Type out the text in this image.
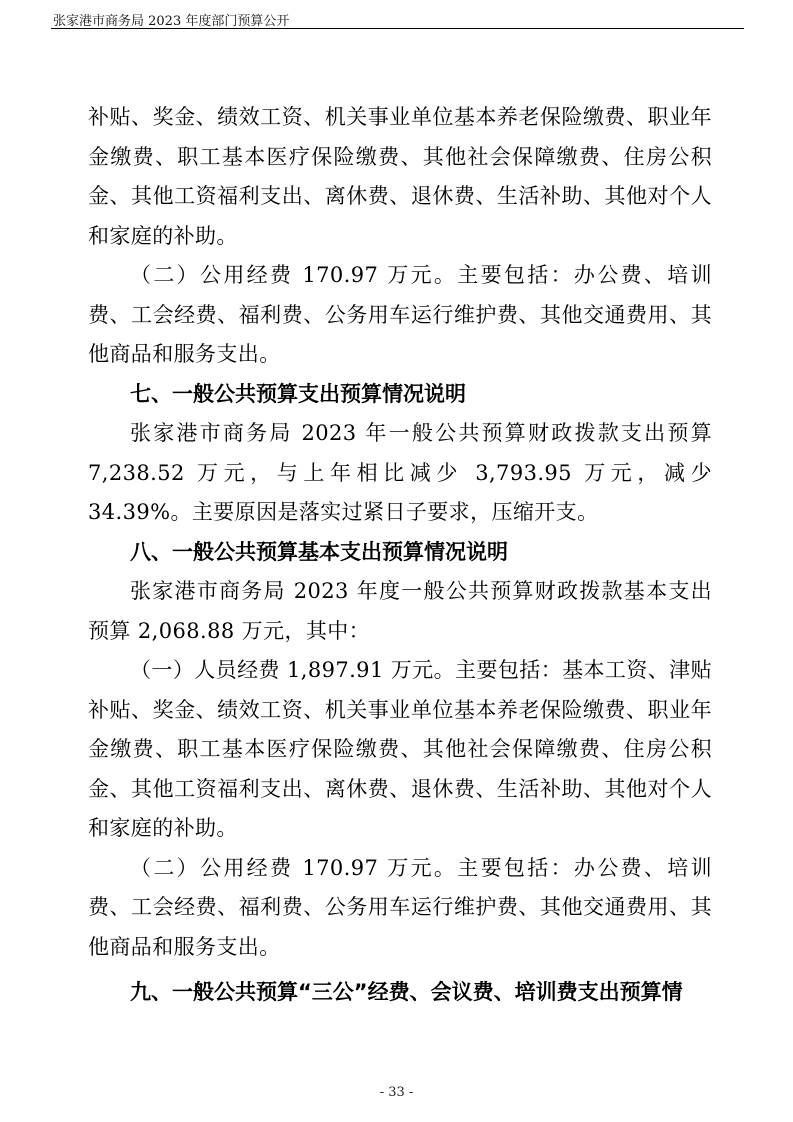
张家港市商务局 2023 年度部门预算公开

补贴、奖金、绩效工资、机关事业单位基本养老保险缴费、职业年金缴费、职工基本医疗保险缴费、其他社会保障缴费、住房公积金、其他工资福利支出、离休费、退休费、生活补助、其他对个人和家庭的补助。

（二）公用经费 170.97 万元。主要包括：办公费、培训费、工会经费、福利费、公务用车运行维护费、其他交通费用、其他商品和服务支出。

七、一般公共预算支出预算情况说明

张家港市商务局 2023 年一般公共预算财政拨款支出预算 7,238.52 万元，与上年相比减少 3,793.95 万元，减少 34.39%。主要原因是落实过紧日子要求，压缩开支。

八、一般公共预算基本支出预算情况说明

张家港市商务局 2023 年度一般公共预算财政拨款基本支出预算 2,068.88 万元，其中：

（一）人员经费 1,897.91 万元。主要包括：基本工资、津贴补贴、奖金、绩效工资、机关事业单位基本养老保险缴费、职业年金缴费、职工基本医疗保险缴费、其他社会保障缴费、住房公积金、其他工资福利支出、离休费、退休费、生活补助、其他对个人和家庭的补助。

（二）公用经费 170.97 万元。主要包括：办公费、培训费、工会经费、福利费、公务用车运行维护费、其他交通费用、其他商品和服务支出。

九、一般公共预算“三公”经费、会议费、培训费支出预算情
- 33 -
